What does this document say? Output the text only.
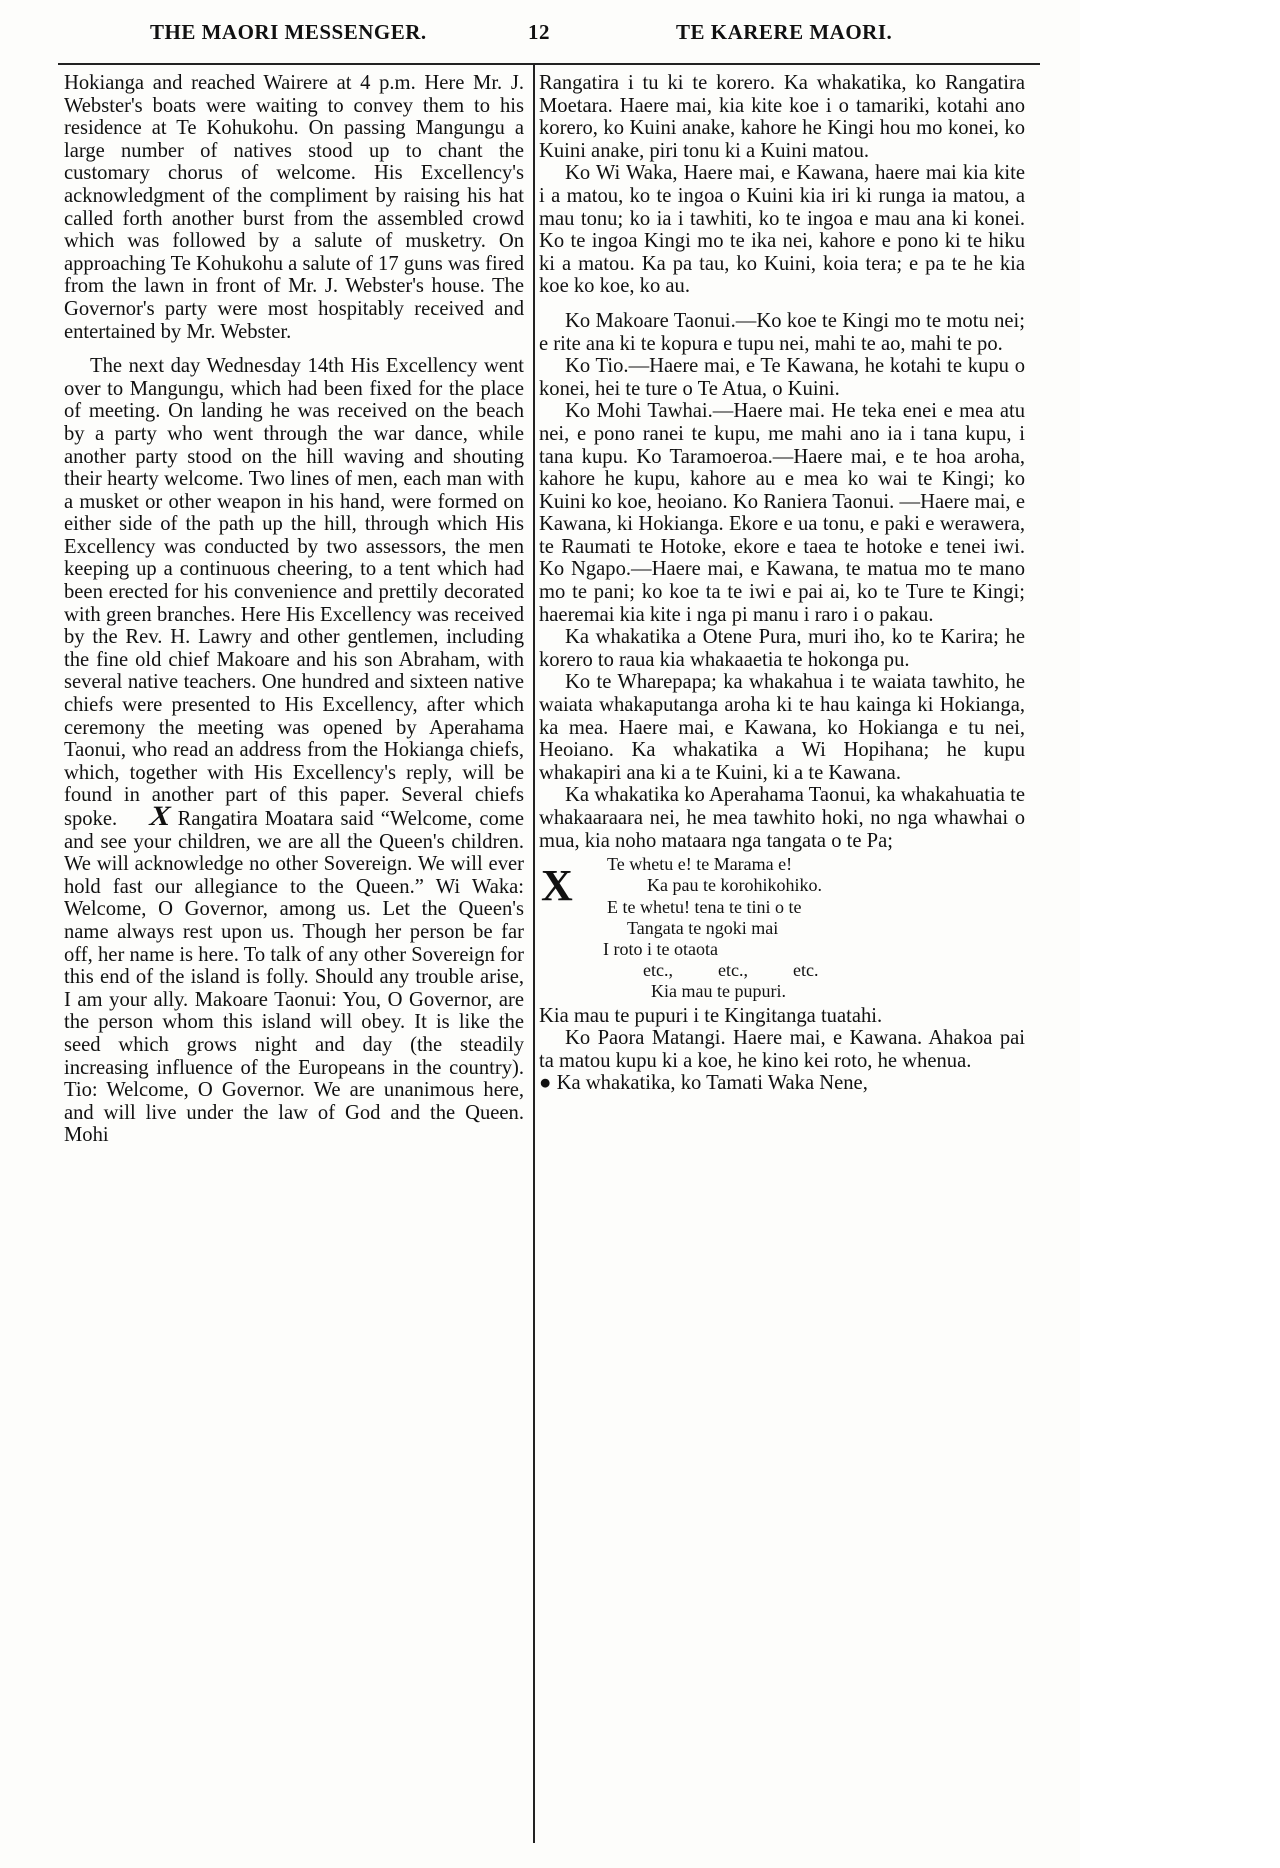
THE MAORI MESSENGER.	12	TE KARERE MAORI.

Hokianga and reached Wairere at 4 p.m. Here Mr. J. Webster's boats were waiting to convey them to his residence at Te Kohukohu. On passing Mangungu a large number of natives stood up to chant the customary chorus of welcome. His Excellency's acknowledgment of the compliment by raising his hat called forth another burst from the assembled crowd which was followed by a salute of musketry. On approaching Te Kohukohu a salute of 17 guns was fired from the lawn in front of Mr. J. Webster's house. The Governor's party were most hospitably received and entertained by Mr. Webster.

The next day Wednesday 14th His Excellency went over to Mangungu, which had been fixed for the place of meeting. On landing he was received on the beach by a party who went through the war dance, while another party stood on the hill waving and shouting their hearty welcome. Two lines of men, each man with a musket or other weapon in his hand, were formed on either side of the path up the hill, through which His Excellency was conducted by two assessors, the men keeping up a continuous cheering, to a tent which had been erected for his convenience and prettily decorated with green branches. Here His Excellency was received by the Rev. H. Lawry and other gentlemen, including the fine old chief Makoare and his son Abraham, with several native teachers. One hundred and sixteen native chiefs were presented to His Excellency, after which ceremony the meeting was opened by Aperahama Taonui, who read an address from the Hokianga chiefs, which, together with His Excellency's reply, will be found in another part of this paper. Several chiefs spoke. X Rangatira Moatara said “Welcome, come and see your children, we are all the Queen's children. We will acknowledge no other Sovereign. We will ever hold fast our allegiance to the Queen.” Wi Waka: Welcome, O Governor, among us. Let the Queen's name always rest upon us. Though her person be far off, her name is here. To talk of any other Sovereign for this end of the island is folly. Should any trouble arise, I am your ally. Makoare Taonui: You, O Governor, are the person whom this island will obey. It is like the seed which grows night and day (the steadily increasing influence of the Europeans in the country). Tio: Welcome, O Governor. We are unanimous here, and will live under the law of God and the Queen. Mohi

Rangatira i tu ki te korero. Ka whakatika, ko Rangatira Moetara. Haere mai, kia kite koe i o tamariki, kotahi ano korero, ko Kuini anake, kahore he Kingi hou mo konei, ko Kuini anake, piri tonu ki a Kuini matou.

Ko Wi Waka, Haere mai, e Kawana, haere mai kia kite i a matou, ko te ingoa o Kuini kia iri ki runga ia matou, a mau tonu; ko ia i tawhiti, ko te ingoa e mau ana ki konei. Ko te ingoa Kingi mo te ika nei, kahore e pono ki te hiku ki a matou. Ka pa tau, ko Kuini, koia tera; e pa te he kia koe ko koe, ko au.

Ko Makoare Taonui.—Ko koe te Kingi mo te motu nei; e rite ana ki te kopura e tupu nei, mahi te ao, mahi te po.

Ko Tio.—Haere mai, e Te Kawana, he kotahi te kupu o konei, hei te ture o Te Atua, o Kuini.

Ko Mohi Tawhai.—Haere mai. He teka enei e mea atu nei, e pono ranei te kupu, me mahi ano ia i tana kupu, i tana kupu. Ko Taramoeroa.—Haere mai, e te hoa aroha, kahore he kupu, kahore au e mea ko wai te Kingi; ko Kuini ko koe, heoiano. Ko Raniera Taonui. —Haere mai, e Kawana, ki Hokianga. Ekore e ua tonu, e paki e werawera, te Raumati te Hotoke, ekore e taea te hotoke e tenei iwi. Ko Ngapo.—Haere mai, e Kawana, te matua mo te mano mo te pani; ko koe ta te iwi e pai ai, ko te Ture te Kingi; haeremai kia kite i nga pi manu i raro i o pakau.

Ka whakatika a Otene Pura, muri iho, ko te Karira; he korero to raua kia whakaaetia te hokonga pu.

Ko te Wharepapa; ka whakahua i te waiata tawhito, he waiata whakaputanga aroha ki te hau kainga ki Hokianga, ka mea. Haere mai, e Kawana, ko Hokianga e tu nei, Heoiano. Ka whakatika a Wi Hopihana; he kupu whakapiri ana ki a te Kuini, ki a te Kawana.

Ka whakatika ko Aperahama Taonui, ka whakahuatia te whakaaraara nei, he mea tawhito hoki, no nga whawhai o mua, kia noho mataara nga tangata o te Pa;

X	Te whetu e! te Marama e!
Ka pau te korohikohiko.
E te whetu! tena te tini o te
Tangata te ngoki mai
I roto i te otaota
etc.,          etc.,          etc.
Kia mau te pupuri.

Kia mau te pupuri i te Kingitanga tuatahi.

Ko Paora Matangi. Haere mai, e Kawana. Ahakoa pai ta matou kupu ki a koe, he kino kei roto, he whenua.

● Ka whakatika, ko Tamati Waka Nene,
